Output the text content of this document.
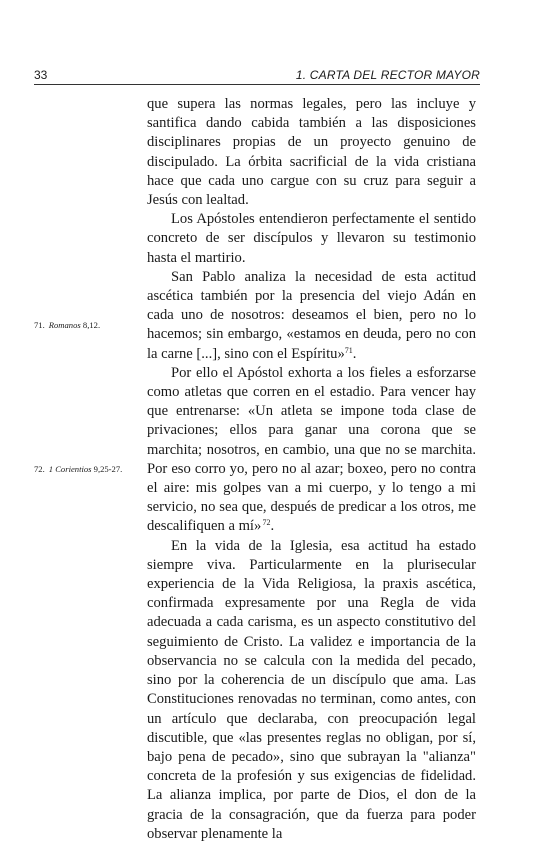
33	1. CARTA DEL RECTOR MAYOR

que supera las normas legales, pero las incluye y santifica dando cabida también a las disposiciones disciplinares propias de un proyecto genuino de discipulado. La órbita sacrificial de la vida cristiana hace que cada uno cargue con su cruz para seguir a Jesús con lealtad.

Los Apóstoles entendieron perfectamente el sentido concreto de ser discípulos y llevaron su testimonio hasta el martirio.

San Pablo analiza la necesidad de esta actitud ascética también por la presencia del viejo Adán en cada uno de nosotros: deseamos el bien, pero no lo hacemos; sin embargo, «estamos en deuda, pero no con la carne [...], sino con el Espíritu»$^{71}$.

Por ello el Apóstol exhorta a los fieles a esforzarse como atletas que corren en el estadio. Para vencer hay que entrenarse: «Un atleta se impone toda clase de privaciones; ellos para ganar una corona que se marchita; nosotros, en cambio, una que no se marchita. Por eso corro yo, pero no al azar; boxeo, pero no contra el aire: mis golpes van a mi cuerpo, y lo tengo a mi servicio, no sea que, después de predicar a los otros, me descalifiquen a mí» $^{72}$.

En la vida de la Iglesia, esa actitud ha estado siempre viva. Particularmente en la plurisecular experiencia de la Vida Religiosa, la praxis ascética, confirmada expresamente por una Regla de vida adecuada a cada carisma, es un aspecto constitutivo del seguimiento de Cristo. La validez e importancia de la observancia no se calcula con la medida del pecado, sino por la coherencia de un discípulo que ama. Las Constituciones renovadas no terminan, como antes, con un artículo que declaraba, con preocupación legal discutible, que «las presentes reglas no obligan, por sí, bajo pena de pecado», sino que subrayan la "alianza" concreta de la profesión y sus exigencias de fidelidad. La alianza implica, por parte de Dios, el don de la gracia de la consagración, que da fuerza para poder observar plenamente la

71. Romanos 8,12.
72. 1 Corientios 9,25-27.
